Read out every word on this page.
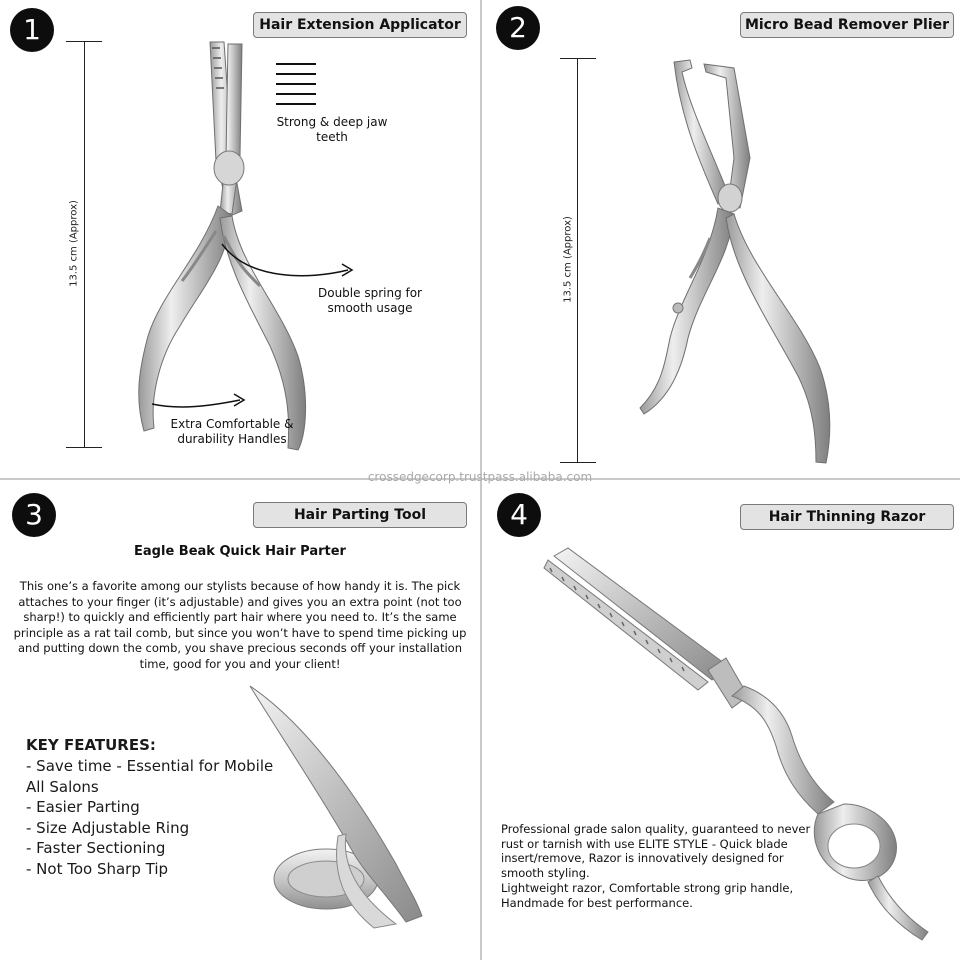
1	Hair Extension Applicator
13.5 cm (Approx)
Strong & deep jaw teeth
Double spring for smooth usage
Extra Comfortable & durability Handles
2	Micro Bead Remover Plier
13.5 cm (Approx)
crossedgecorp.trustpass.alibaba.com
3	Hair Parting Tool
Eagle Beak Quick Hair Parter
This one’s a favorite among our stylists because of how handy it is. The pick attaches to your finger (it’s adjustable) and gives you an extra point (not too sharp!) to quickly and efficiently part hair where you need to. It’s the same principle as a rat tail comb, but since you won’t have to spend time picking up and putting down the comb, you shave precious seconds off your installation time, good for you and your client!
KEY FEATURES:
- Save time - Essential for Mobile All Salons
- Easier Parting
- Size Adjustable Ring
- Faster Sectioning
- Not Too Sharp Tip
4	Hair Thinning Razor
Professional grade salon quality, guaranteed to never rust or tarnish with use ELITE STYLE - Quick blade insert/remove, Razor is innovatively designed for smooth styling.
Lightweight razor, Comfortable strong grip handle, Handmade for best performance.
